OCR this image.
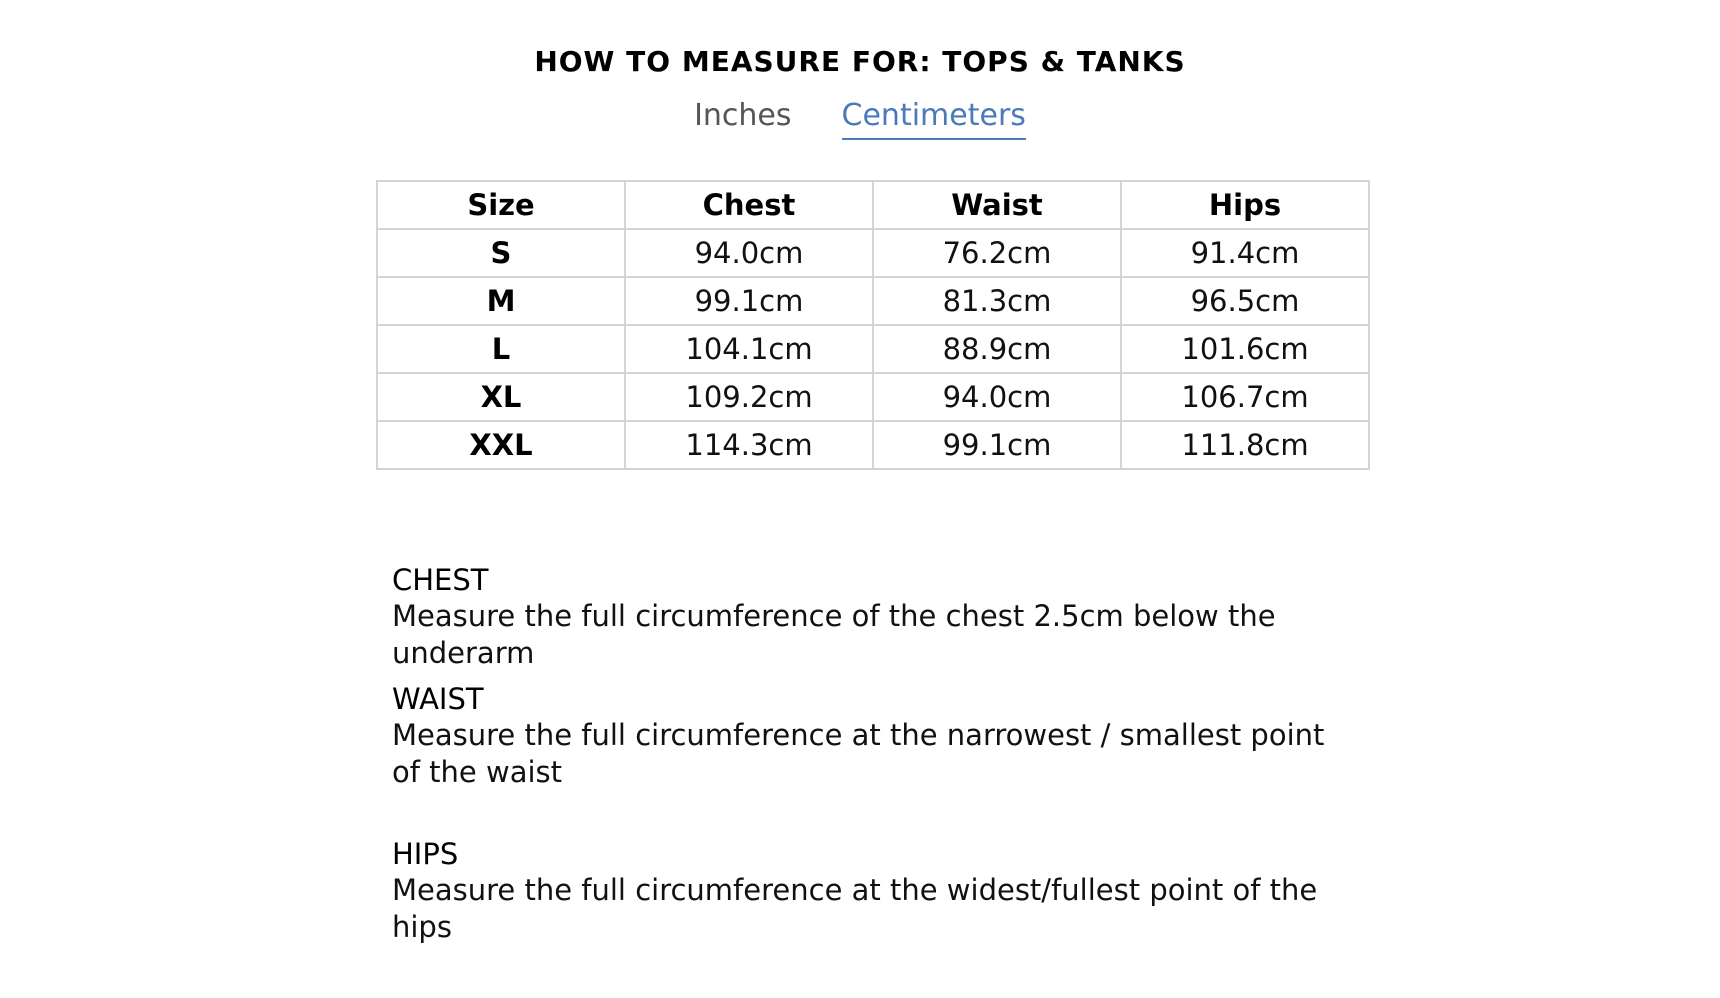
HOW TO MEASURE FOR: TOPS & TANKS
Inches Centimeters
Size	Chest	Waist	Hips
S	94.0cm	76.2cm	91.4cm
M	99.1cm	81.3cm	96.5cm
L	104.1cm	88.9cm	101.6cm
XL	109.2cm	94.0cm	106.7cm
XXL	114.3cm	99.1cm	111.8cm
CHEST
Measure the full circumference of the chest 2.5cm below the underarm
WAIST
Measure the full circumference at the narrowest / smallest point of the waist
HIPS
Measure the full circumference at the widest/fullest point of the hips
